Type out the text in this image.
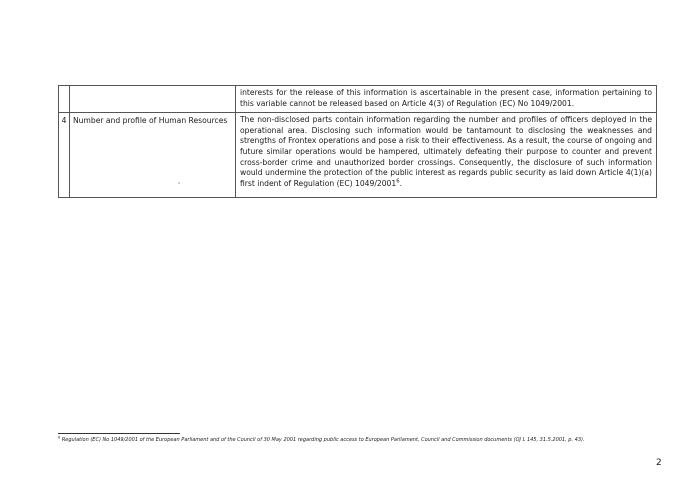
		interests for the release of this information is ascertainable in the present case, information pertaining to this variable cannot be released based on Article 4(3) of Regulation (EC) No 1049/2001.
4	Number and profile of Human Resources	The non-disclosed parts contain information regarding the number and profiles of officers deployed in the operational area. Disclosing such information would be tantamount to disclosing the weaknesses and strengths of Frontex operations and pose a risk to their effectiveness. As a result, the course of ongoing and future similar operations would be hampered, ultimately defeating their purpose to counter and prevent cross-border crime and unauthorized border crossings. Consequently, the disclosure of such information would undermine the protection of the public interest as regards public security as laid down Article 4(1)(a) first indent of Regulation (EC) 1049/2001$^6$.
$^6$ Regulation (EC) No 1049/2001 of the European Parliament and of the Council of 30 May 2001 regarding public access to European Parliament, Council and Commission documents (OJ L 145, 31.5.2001, p. 43).
2
